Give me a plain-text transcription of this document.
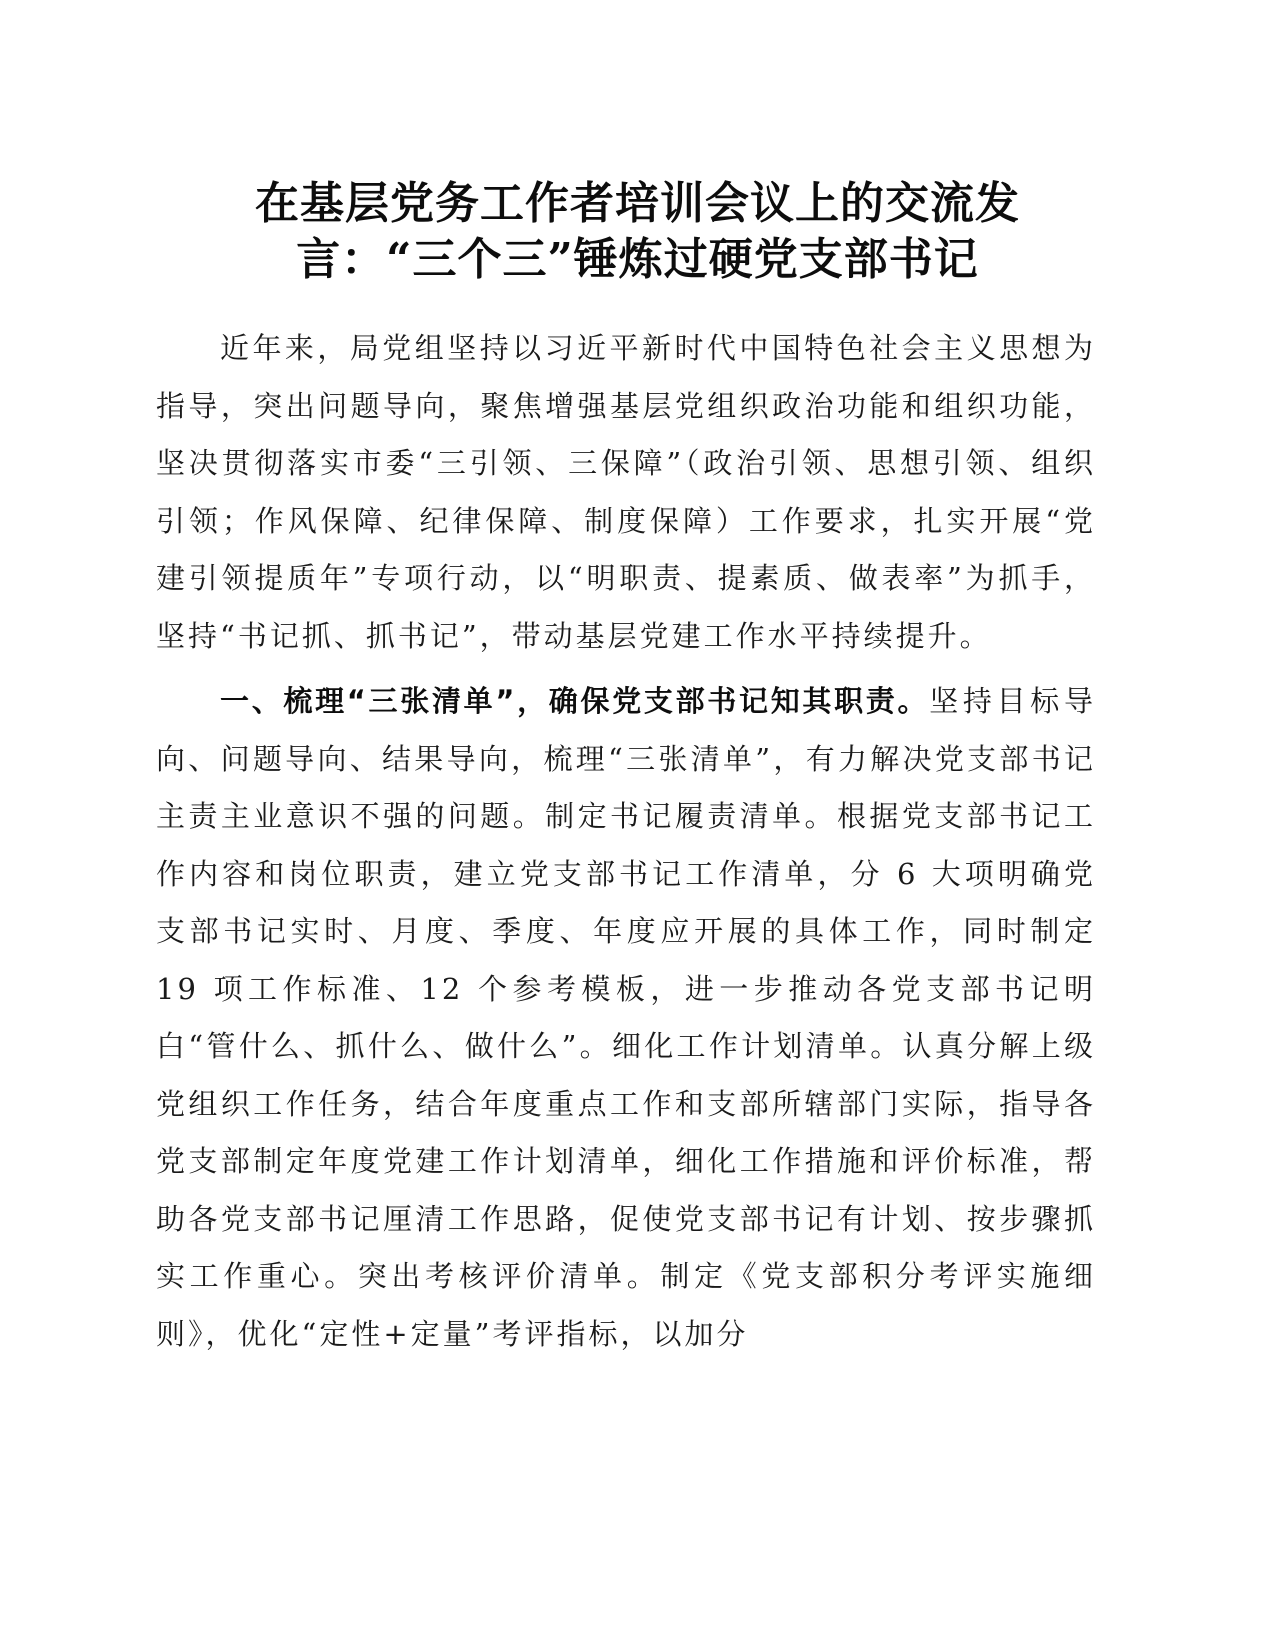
在基层党务工作者培训会议上的交流发
言：“三个三”锤炼过硬党支部书记

近年来，局党组坚持以习近平新时代中国特色社会主义思想为指导，突出问题导向，聚焦增强基层党组织政治功能和组织功能，坚决贯彻落实市委“三引领、三保障”（政治引领、思想引领、组织引领；作风保障、纪律保障、制度保障）工作要求，扎实开展“党建引领提质年”专项行动，以“明职责、提素质、做表率”为抓手，坚持“书记抓、抓书记”，带动基层党建工作水平持续提升。

一、梳理“三张清单”，确保党支部书记知其职责。坚持目标导向、问题导向、结果导向，梳理“三张清单”，有力解决党支部书记主责主业意识不强的问题。制定书记履责清单。根据党支部书记工作内容和岗位职责，建立党支部书记工作清单，分 6 大项明确党支部书记实时、月度、季度、年度应开展的具体工作，同时制定 19 项工作标准、12 个参考模板，进一步推动各党支部书记明白“管什么、抓什么、做什么”。细化工作计划清单。认真分解上级党组织工作任务，结合年度重点工作和支部所辖部门实际，指导各党支部制定年度党建工作计划清单，细化工作措施和评价标准，帮助各党支部书记厘清工作思路，促使党支部书记有计划、按步骤抓实工作重心。突出考核评价清单。制定《党支部积分考评实施细则》，优化“定性+定量”考评指标，以加分
